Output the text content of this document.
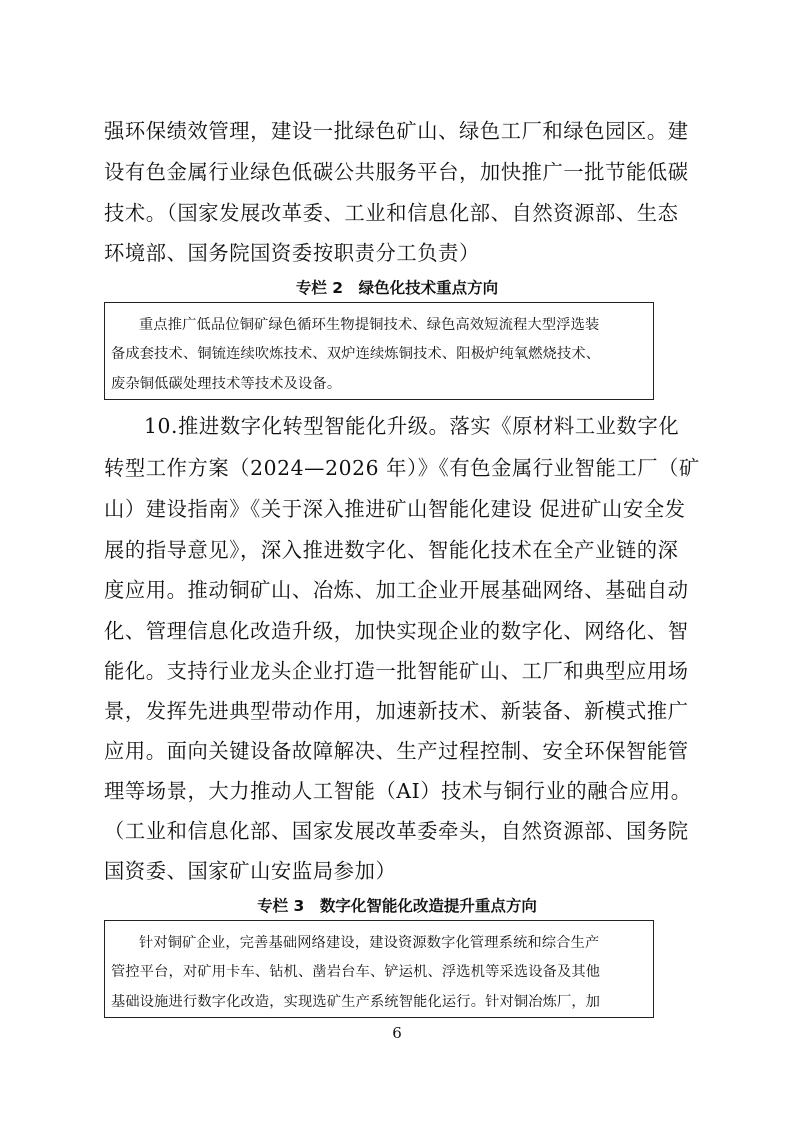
强环保绩效管理，建设一批绿色矿山、绿色工厂和绿色园区。建
设有色金属行业绿色低碳公共服务平台，加快推广一批节能低碳
技术。（国家发展改革委、工业和信息化部、自然资源部、生态
环境部、国务院国资委按职责分工负责）
专栏 2　绿色化技术重点方向
重点推广低品位铜矿绿色循环生物提铜技术、绿色高效短流程大型浮选装
备成套技术、铜锍连续吹炼技术、双炉连续炼铜技术、阳极炉纯氧燃烧技术、
废杂铜低碳处理技术等技术及设备。
10.推进数字化转型智能化升级。落实《原材料工业数字化
转型工作方案（2024—2026 年）》《有色金属行业智能工厂（矿
山）建设指南》《关于深入推进矿山智能化建设 促进矿山安全发
展的指导意见》，深入推进数字化、智能化技术在全产业链的深
度应用。推动铜矿山、冶炼、加工企业开展基础网络、基础自动
化、管理信息化改造升级，加快实现企业的数字化、网络化、智
能化。支持行业龙头企业打造一批智能矿山、工厂和典型应用场
景，发挥先进典型带动作用，加速新技术、新装备、新模式推广
应用。面向关键设备故障解决、生产过程控制、安全环保智能管
理等场景，大力推动人工智能（AI）技术与铜行业的融合应用。
（工业和信息化部、国家发展改革委牵头，自然资源部、国务院
国资委、国家矿山安监局参加）
专栏 3　数字化智能化改造提升重点方向
针对铜矿企业，完善基础网络建设，建设资源数字化管理系统和综合生产
管控平台，对矿用卡车、钻机、凿岩台车、铲运机、浮选机等采选设备及其他
基础设施进行数字化改造，实现选矿生产系统智能化运行。针对铜冶炼厂，加
6
